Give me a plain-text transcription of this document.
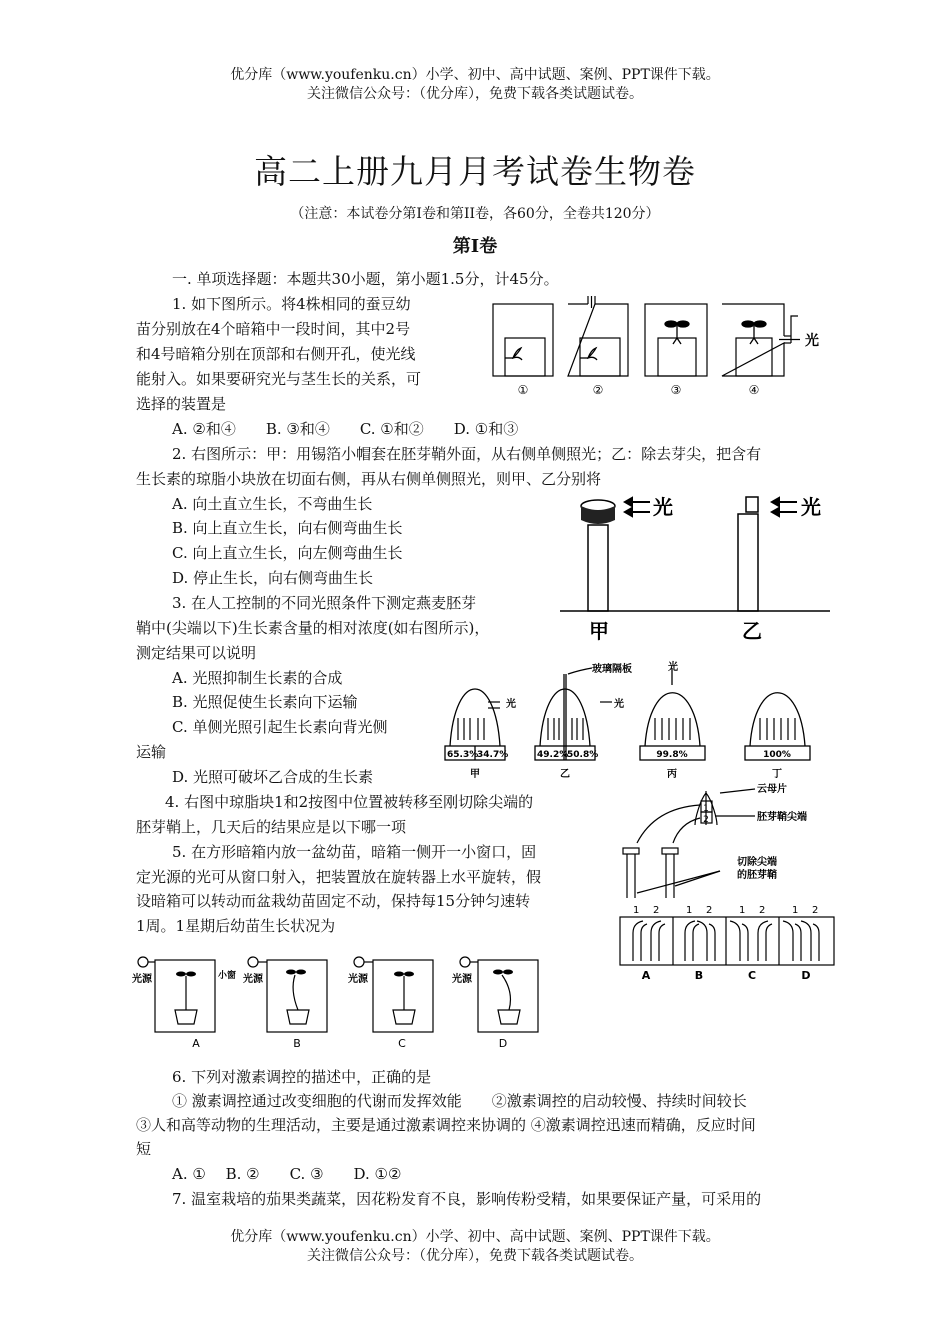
优分库（www.youfenku.cn）小学、初中、高中试题、案例、PPT课件下载。
关注微信公众号：（优分库），免费下载各类试题试卷。
高二上册九月月考试卷生物卷
（注意：本试卷分第Ⅰ卷和第II卷，各60分，全卷共120分）
第Ⅰ卷
一. 单项选择题：本题共30小题，第小题1.5分，计45分。
1. 如下图所示。将4株相同的蚕豆幼
苗分别放在4个暗箱中一段时间，其中2号
和4号暗箱分别在顶部和右侧开孔，使光线
能射入。如果要研究光与茎生长的关系，可
选择的装置是
A. ②和④　　B. ③和④　　C. ①和②　　D. ①和③
①	②	③	④
光
2. 右图所示：甲：用锡箔小帽套在胚芽鞘外面，从右侧单侧照光；乙：除去芽尖，把含有
生长素的琼脂小块放在切面右侧，再从右侧单侧照光，则甲、乙分别将
A. 向土直立生长，不弯曲生长
B. 向上直立生长，向右侧弯曲生长
C. 向上直立生长，向左侧弯曲生长
D. 停止生长，向右侧弯曲生长
光	光
甲	乙
3. 在人工控制的不同光照条件下测定燕麦胚芽
鞘中(尖端以下)生长素含量的相对浓度(如右图所示)，
测定结果可以说明
A. 光照抑制生长素的合成
B. 光照促使生长素向下运输
C. 单侧光照引起生长素向背光侧
运输
D. 光照可破坏乙合成的生长素
光	光
光
玻璃隔板
65.3%
34.7%	49.2%
50.8%	99.8%	100%
甲	乙	丙	丁
4. 右图中琼脂块1和2按图中位置被转移至刚切除尖端的
胚芽鞘上，几天后的结果应是以下哪一项
1
2
云母片
胚芽鞘尖端
切除尖端
的胚芽鞘
1 2	1 2	1 2	1 2
A	B	C	D
5. 在方形暗箱内放一盆幼苗，暗箱一侧开一小窗口，固
定光源的光可从窗口射入，把装置放在旋转器上水平旋转，假
设暗箱可以转动而盆栽幼苗固定不动，保持每15分钟匀速转
1周。1星期后幼苗生长状况为
光源	光源	光源	光源
小窗
A	B	C	D
6. 下列对激素调控的描述中，正确的是
① 激素调控通过改变细胞的代谢而发挥效能　　②激素调控的启动较慢、持续时间较长
③人和高等动物的生理活动，主要是通过激素调控来协调的 ④激素调控迅速而精确，反应时间
短
A. ①　 B. ②　　C. ③　　D. ①②
7. 温室栽培的茄果类蔬菜，因花粉发育不良，影响传粉受精，如果要保证产量，可采用的
优分库（www.youfenku.cn）小学、初中、高中试题、案例、PPT课件下载。
关注微信公众号：（优分库），免费下载各类试题试卷。
